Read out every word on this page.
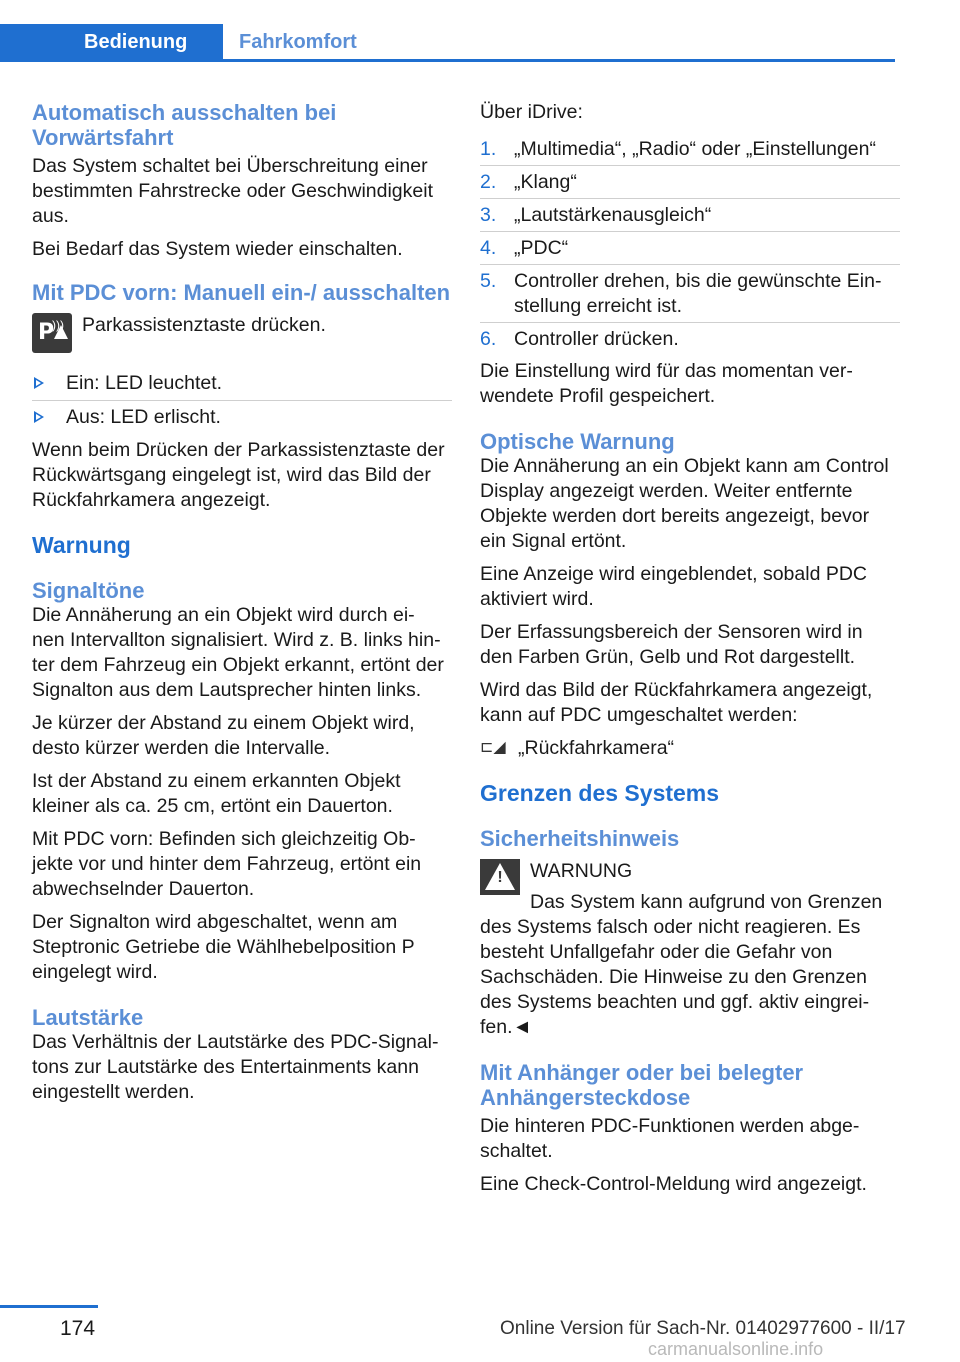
Bedienung	Fahrkomfort
Automatisch ausschalten bei Vorwärtsfahrt
Das System schaltet bei Überschreitung einer bestimmten Fahrstrecke oder Geschwindigkeit aus.
Bei Bedarf das System wieder einschalten.
Mit PDC vorn: Manuell ein-/ ausschalten
P
))) Parkassistenztaste drücken.
Ein: LED leuchtet.
Aus: LED erlischt.
Wenn beim Drücken der Parkassistenztaste der Rückwärtsgang eingelegt ist, wird das Bild der Rückfahrkamera angezeigt.
Warnung
Signaltöne
Die Annäherung an ein Objekt wird durch ei‐ nen Intervallton signalisiert. Wird z. B. links hin‐ ter dem Fahrzeug ein Objekt erkannt, ertönt der Signalton aus dem Lautsprecher hinten links.
Je kürzer der Abstand zu einem Objekt wird, desto kürzer werden die Intervalle.
Ist der Abstand zu einem erkannten Objekt kleiner als ca. 25 cm, ertönt ein Dauerton.
Mit PDC vorn: Befinden sich gleichzeitig Ob‐ jekte vor und hinter dem Fahrzeug, ertönt ein abwechselnder Dauerton.
Der Signalton wird abgeschaltet, wenn am Steptronic Getriebe die Wählhebelposition P eingelegt wird.
Lautstärke
Das Verhältnis der Lautstärke des PDC-Signal‐ tons zur Lautstärke des Entertainments kann eingestellt werden.
Über iDrive:
1. „Multimedia“, „Radio“ oder „Einstellungen“
2. „Klang“
3. „Lautstärkenausgleich“
4. „PDC“
5. Controller drehen, bis die gewünschte Ein‐ stellung erreicht ist.
6. Controller drücken.
Die Einstellung wird für das momentan ver‐ wendete Profil gespeichert.
Optische Warnung
Die Annäherung an ein Objekt kann am Control Display angezeigt werden. Weiter entfernte Objekte werden dort bereits angezeigt, bevor ein Signal ertönt.
Eine Anzeige wird eingeblendet, sobald PDC aktiviert wird.
Der Erfassungsbereich der Sensoren wird in den Farben Grün, Gelb und Rot dargestellt.
Wird das Bild der Rückfahrkamera angezeigt, kann auf PDC umgeschaltet werden:
⊏◢ „Rückfahrkamera“
Grenzen des Systems
Sicherheitshinweis
!	WARNUNG
Das System kann aufgrund von Grenzen
des Systems falsch oder nicht reagieren. Es besteht Unfallgefahr oder die Gefahr von Sachschäden. Die Hinweise zu den Grenzen des Systems beachten und ggf. aktiv eingrei‐ fen.◄
Mit Anhänger oder bei belegter Anhängersteckdose
Die hinteren PDC-Funktionen werden abge‐ schaltet.
Eine Check-Control-Meldung wird angezeigt.
174	Online Version für Sach-Nr. 01402977600 - II/17
carmanualsonline.info
